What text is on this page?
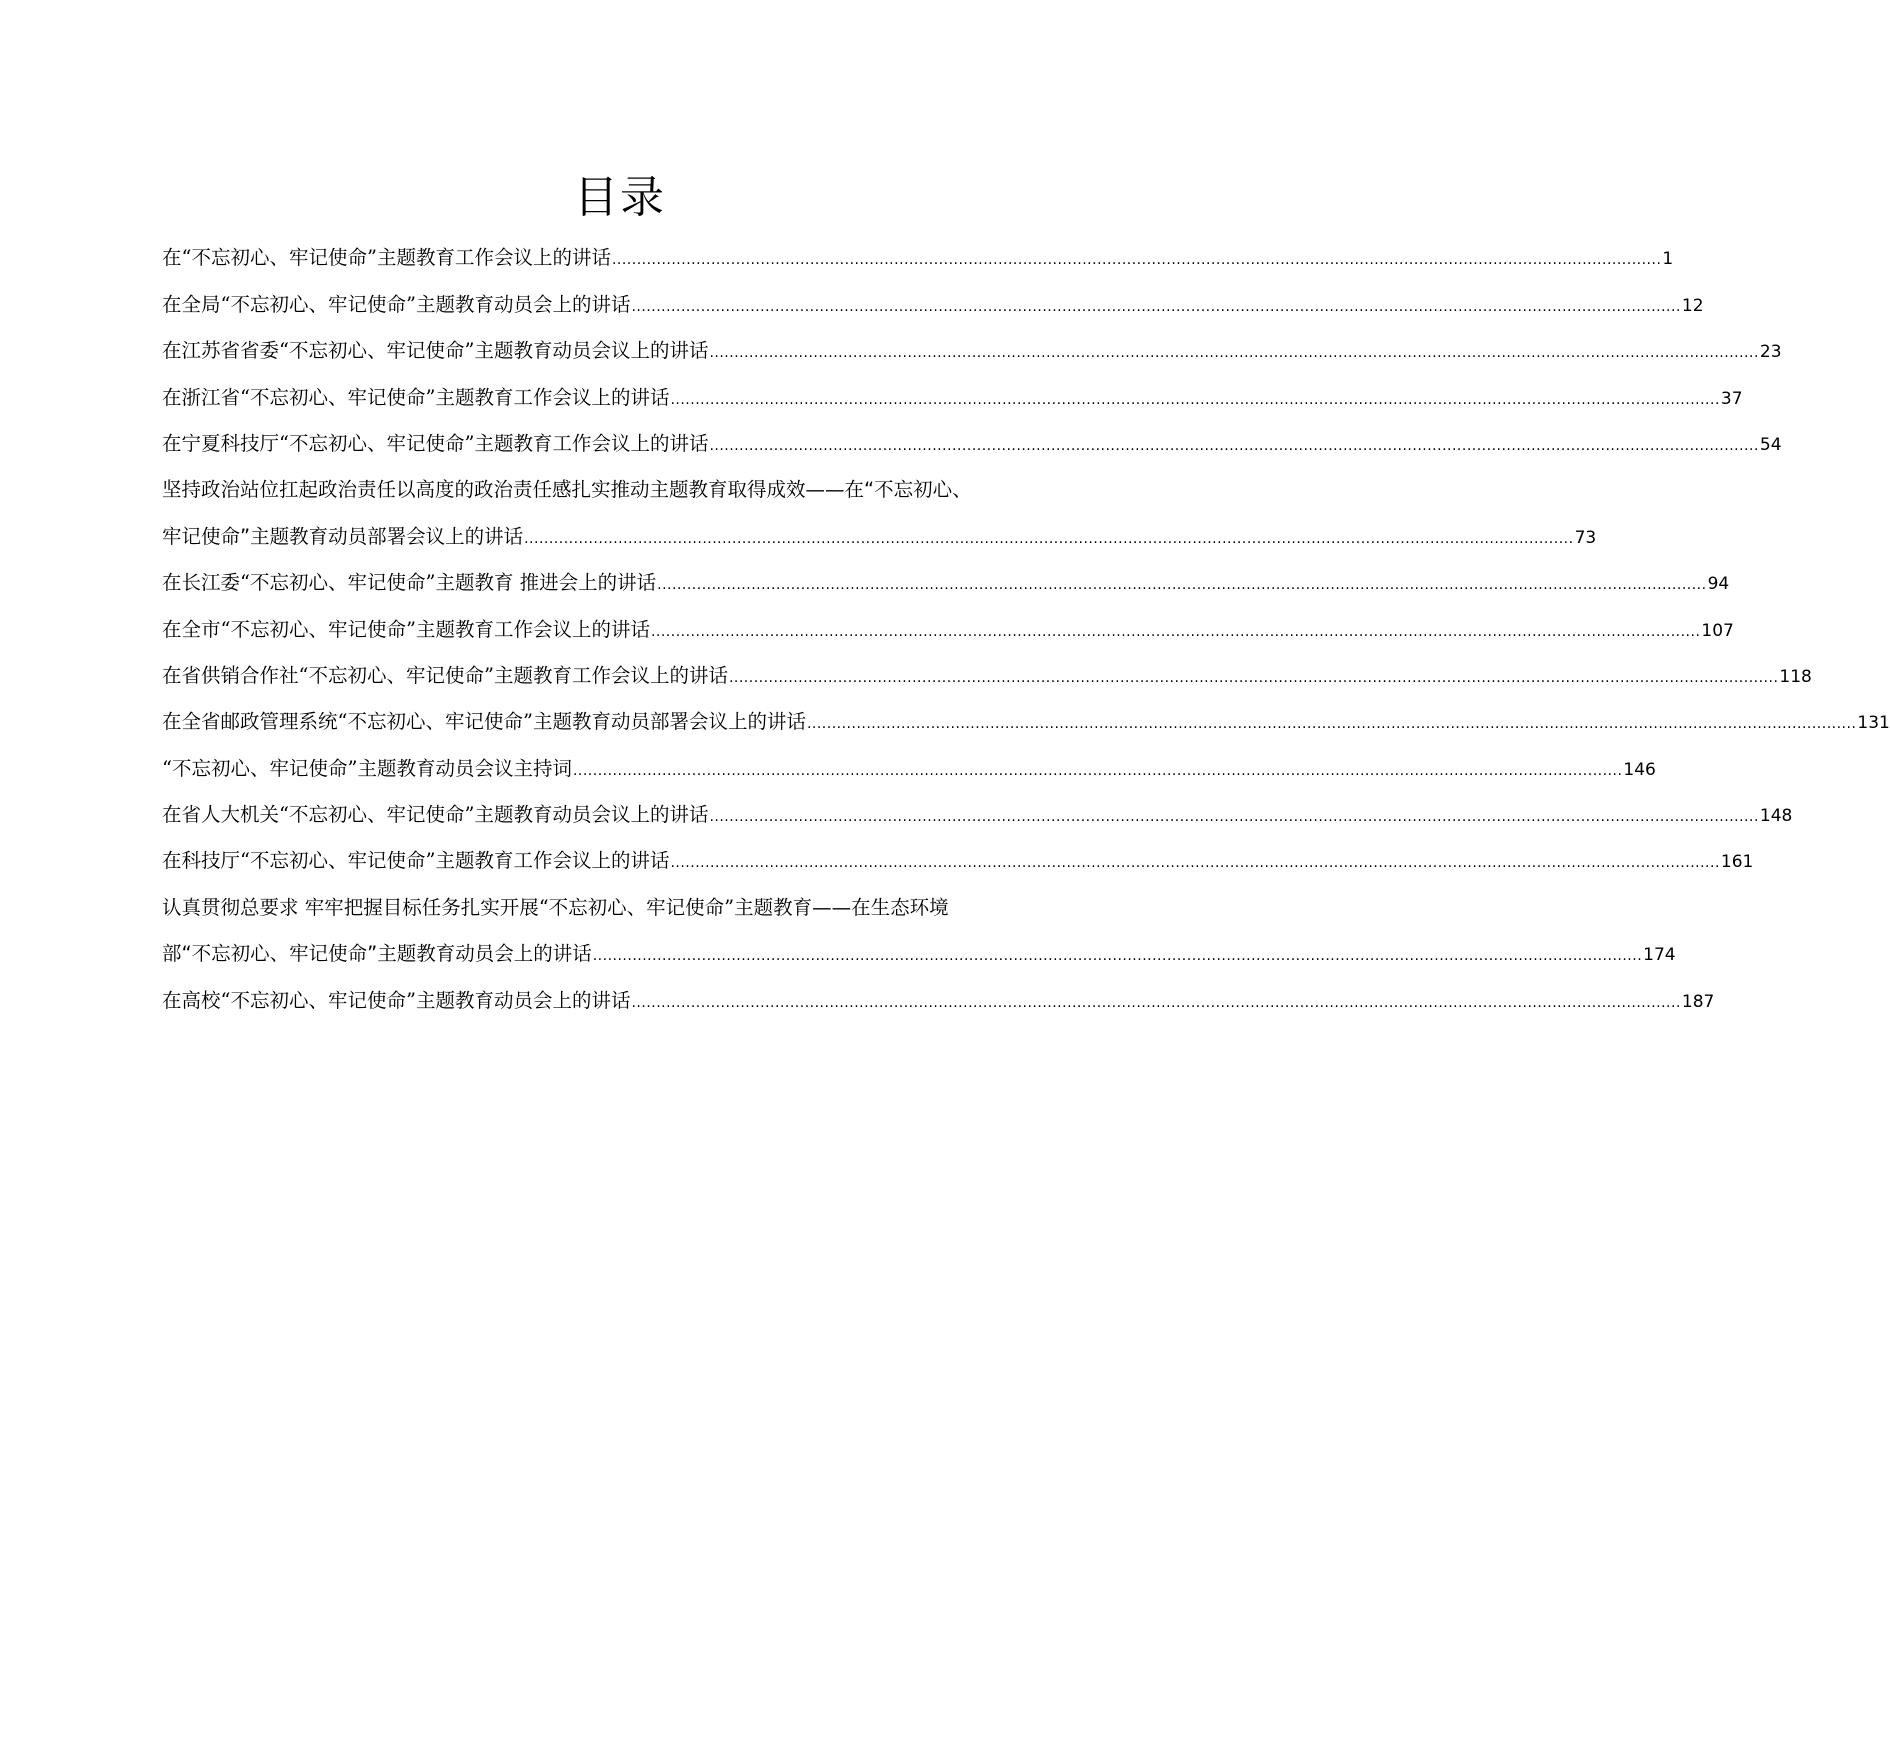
目录
在“不忘初心、牢记使命”主题教育工作会议上的讲话 .................................................................................................................................................................................................................... 1
在全局“不忘初心、牢记使命”主题教育动员会上的讲话 .................................................................................................................................................................................................................... 12
在江苏省省委“不忘初心、牢记使命”主题教育动员会议上的讲话 .................................................................................................................................................................................................................... 23
在浙江省“不忘初心、牢记使命”主题教育工作会议上的讲话 .................................................................................................................................................................................................................... 37
在宁夏科技厅“不忘初心、牢记使命”主题教育工作会议上的讲话 .................................................................................................................................................................................................................... 54
坚持政治站位扛起政治责任以高度的政治责任感扎实推动主题教育取得成效 ——在“不忘初心、
牢记使命”主题教育动员部署会议上的讲话 .................................................................................................................................................................................................................... 73
在长江委“不忘初心、牢记使命”主题教育 推进会上的讲话 .................................................................................................................................................................................................................... 94
在全市“不忘初心、牢记使命”主题教育工作会议上的讲话 .................................................................................................................................................................................................................... 107
在省供销合作社“不忘初心、牢记使命”主题教育工作会议上的讲话 .................................................................................................................................................................................................................... 118
在全省邮政管理系统“不忘初心、牢记使命”主题教育动员部署会议上的讲话 .................................................................................................................................................................................................................... 131
“不忘初心、牢记使命”主题教育动员会议主持词 .................................................................................................................................................................................................................... 146
在省人大机关“不忘初心、牢记使命”主题教育动员会议上的讲话 .................................................................................................................................................................................................................... 148
在科技厅“不忘初心、牢记使命”主题教育工作会议上的讲话 .................................................................................................................................................................................................................... 161
认真贯彻总要求 牢牢把握目标任务扎实开展“不忘初心、牢记使命”主题教育 ——在生态环境
部“不忘初心、牢记使命”主题教育动员会上的讲话 .................................................................................................................................................................................................................... 174
在高校“不忘初心、牢记使命”主题教育动员会上的讲话 .................................................................................................................................................................................................................... 187
